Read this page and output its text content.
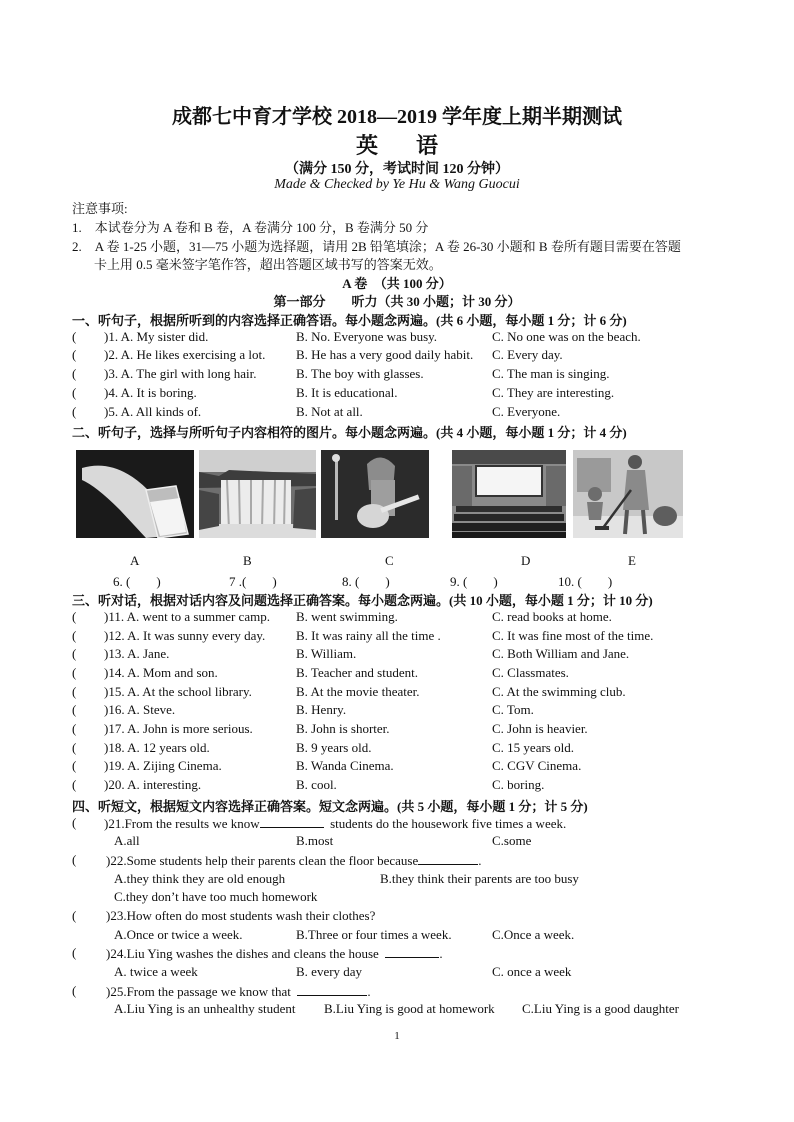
成都七中育才学校 2018—2019 学年度上期半期测试
英语
（满分 150 分，考试时间 120 分钟）
Made & Checked by Ye Hu & Wang Guocui
注意事项:
1.　本试卷分为 A 卷和 B 卷，A 卷满分 100 分，B 卷满分 50 分
2.　A 卷 1-25 小题，31—75 小题为选择题，请用 2B 铅笔填涂；A 卷 26-30 小题和 B 卷所有题目需要在答题
卡上用 0.5 毫米签字笔作答，超出答题区域书写的答案无效。
A 卷　（共 100 分）
第一部分　　听力（共 30 小题；计 30 分）
一、听句子，根据所听到的内容选择正确答语。每小题念两遍。(共 6 小题，每小题 1 分；计 6 分)
( )1. A. My sister did.	B. No. Everyone was busy.	C. No one was on the beach.
( )2. A. He likes exercising a lot. B. He has a very good daily habit. C. Every day.
( )3. A. The girl with long hair.	B. The boy with glasses.	C. The man is singing.
( )4. A. It is boring.	B. It is educational.	C. They are interesting.
( )5. A. All kinds of.	B. Not at all.	C. Everyone.
二、听句子，选择与所听句子内容相符的图片。每小题念两遍。(共 4 小题，每小题 1 分；计 4 分)
A	B	C	D	E
6. (　　)	7 .(　　)	8. (　　)	9. (　　)	10. (　　)
三、听对话，根据对话内容及问题选择正确答案。每小题念两遍。(共 10 小题，每小题 1 分；计 10 分)
( )11. A. went to a summer camp. B. went swimming.	C. read books at home.
( )12. A. It was sunny every day. B. It was rainy all the time .	C. It was fine most of the time.
( )13. A. Jane.	B. William.	C. Both William and Jane.
( )14. A. Mom and son.	B. Teacher and student.	C. Classmates.
( )15. A. At the school library.	B. At the movie theater.	C. At the swimming club.
( )16. A. Steve.	B. Henry.	C. Tom.
( )17. A. John is more serious.	B. John is shorter.	C. John is heavier.
( )18. A. 12 years old.	B. 9 years old.	C. 15 years old.
( )19. A. Zijing Cinema.	B. Wanda Cinema.	C. CGV Cinema.
( )20. A. interesting.	B. cool.	C. boring.
四、听短文，根据短文内容选择正确答案。短文念两遍。(共 5 小题，每小题 1 分；计 5 分)
( )21.From the results we know	students do the housework five times a week.
A.all	B.most	C.some
( )22.Some students help their parents clean the floor because	.
A.they think they are old enough	B.they think their parents are too busy
C.they don’t have too much homework
( )23.How often do most students wash their clothes?
A.Once or twice a week.	B.Three or four times a week.	C.Once a week.
( )24.Liu Ying washes the dishes and cleans the house	.
A. twice a week	B. every day	C. once a week
( )25.From the passage we know that	.
A.Liu Ying is an unhealthy student B.Liu Ying is good at homework C.Liu Ying is a good daughter
1
